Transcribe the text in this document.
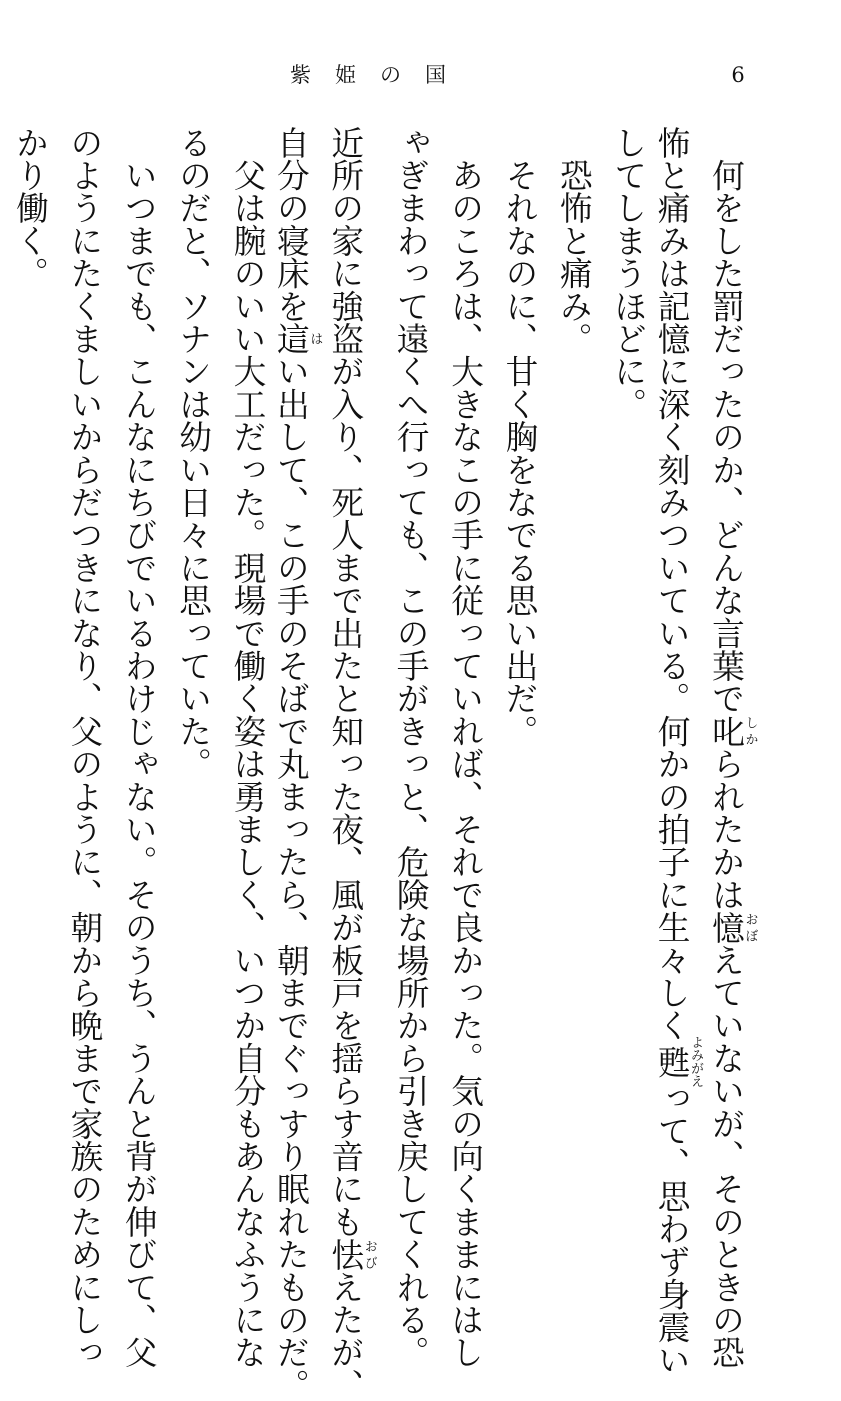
紫姫の国	6
　何をした罰だったのか、どんな言葉で叱しかられたかは憶おぼえていないが、そのときの恐
怖と痛みは記憶に深く刻みついている。何かの拍子に生々しく甦よみがえって、思わず身震い
してしまうほどに。
　恐怖と痛み。
　それなのに、甘く胸をなでる思い出だ。
　あのころは、大きなこの手に従っていれば、それで良かった。気の向くままにはし
ゃぎまわって遠くへ行っても、この手がきっと、危険な場所から引き戻してくれる。
近所の家に強盗が入り、死人まで出たと知った夜、風が板戸を揺らす音にも怯おびえたが、
自分の寝床を這はい出して、この手のそばで丸まったら、朝までぐっすり眠れたものだ。
　父は腕のいい大工だった。現場で働く姿は勇ましく、いつか自分もあんなふうにな
るのだと、ソナンは幼い日々に思っていた。
　いつまでも、こんなにちびでいるわけじゃない。そのうち、うんと背が伸びて、父
のようにたくましいからだつきになり、父のように、朝から晩まで家族のためにしっ
かり働く。
